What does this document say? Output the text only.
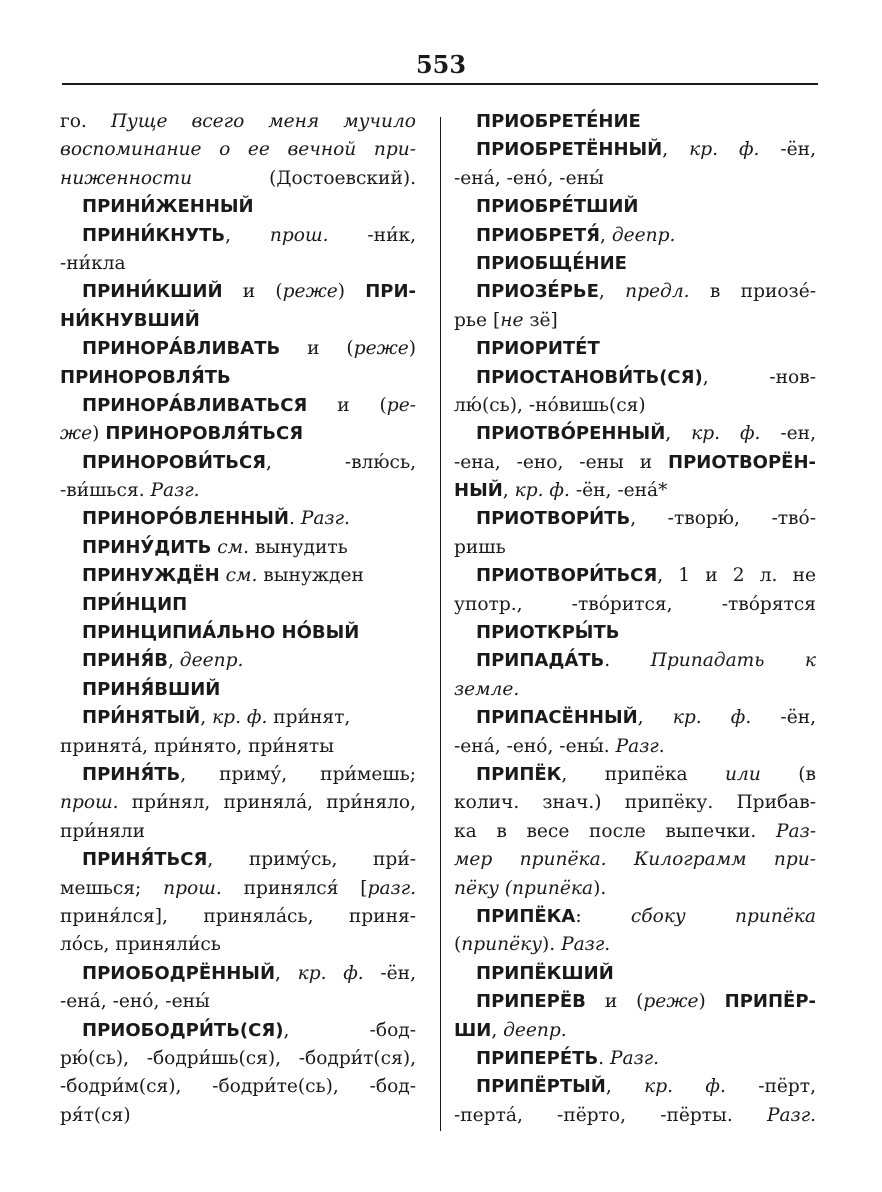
553
го. Пуще всего меня мучило
воспоминание о ее вечной при-
ниженности (Достоевский).
ПРИНИ́ЖЕННЫЙ
ПРИНИ́КНУТЬ, прош. -ни́к,
-ни́кла
ПРИНИ́КШИЙ и (реже) ПРИ-
НИ́КНУВШИЙ
ПРИНОРА́ВЛИВАТЬ и (реже)
ПРИНОРОВЛЯ́ТЬ
ПРИНОРА́ВЛИВАТЬСЯ и (ре-
же) ПРИНОРОВЛЯ́ТЬСЯ
ПРИНОРОВИ́ТЬСЯ, -влю́сь,
-ви́шься. Разг.
ПРИНОРО́ВЛЕННЫЙ. Разг.
ПРИНУ́ДИТЬ см. вынудить
ПРИНУЖДЁН см. вынужден
ПРИ́НЦИП
ПРИНЦИПИА́ЛЬНО НО́ВЫЙ
ПРИНЯ́В, деепр.
ПРИНЯ́ВШИЙ
ПРИ́НЯТЫЙ, кр. ф. при́нят,
принята́, при́нято, при́няты
ПРИНЯ́ТЬ, приму́, при́мешь;
прош. при́нял, приняла́, при́няло,
при́няли
ПРИНЯ́ТЬСЯ, приму́сь, при́-
мешься; прош. принялся́ [разг.
приня́лся], приняла́сь, приня-
ло́сь, приняли́сь
ПРИОБОДРЁННЫЙ, кр. ф. -ён,
-ена́, -ено́, -ены́
ПРИОБОДРИ́ТЬ(СЯ), -бод-
рю́(сь), -бодри́шь(ся), -бодри́т(ся),
-бодри́м(ся), -бодри́те(сь), -бод-
ря́т(ся)
ПРИОБРЕТЕ́НИЕ
ПРИОБРЕТЁННЫЙ, кр. ф. -ён,
-ена́, -ено́, -ены́
ПРИОБРЕ́ТШИЙ
ПРИОБРЕТЯ́, деепр.
ПРИОБЩЕ́НИЕ
ПРИОЗЕ́РЬЕ, предл. в приозе́-
рье [не зё]
ПРИОРИТЕ́Т
ПРИОСТАНОВИ́ТЬ(СЯ), -нов-
лю́(сь), -но́вишь(ся)
ПРИОТВО́РЕННЫЙ, кр. ф. -ен,
-ена, -ено, -ены и ПРИОТВОРЁН-
НЫЙ, кр. ф. -ён, -ена́*
ПРИОТВОРИ́ТЬ, -творю́, -тво́-
ришь
ПРИОТВОРИ́ТЬСЯ, 1 и 2 л. не
употр., -тво́рится, -тво́рятся
ПРИОТКРЫ́ТЬ
ПРИПАДА́ТЬ. Припадать к
земле.
ПРИПАСЁННЫЙ, кр. ф. -ён,
-ена́, -ено́, -ены́. Разг.
ПРИПЁК, припёка или (в
колич. знач.) припёку. Прибав-
ка в весе после выпечки. Раз-
мер припёка. Килограмм при-
пёку (припёка).
ПРИПЁКА: сбоку припёка
(припёку). Разг.
ПРИПЁКШИЙ
ПРИПЕРЁВ и (реже) ПРИПЁР-
ШИ, деепр.
ПРИПЕРЕ́ТЬ. Разг.
ПРИПЁРТЫЙ, кр. ф. -пёрт,
-перта́, -пёрто, -пёрты. Разг.
